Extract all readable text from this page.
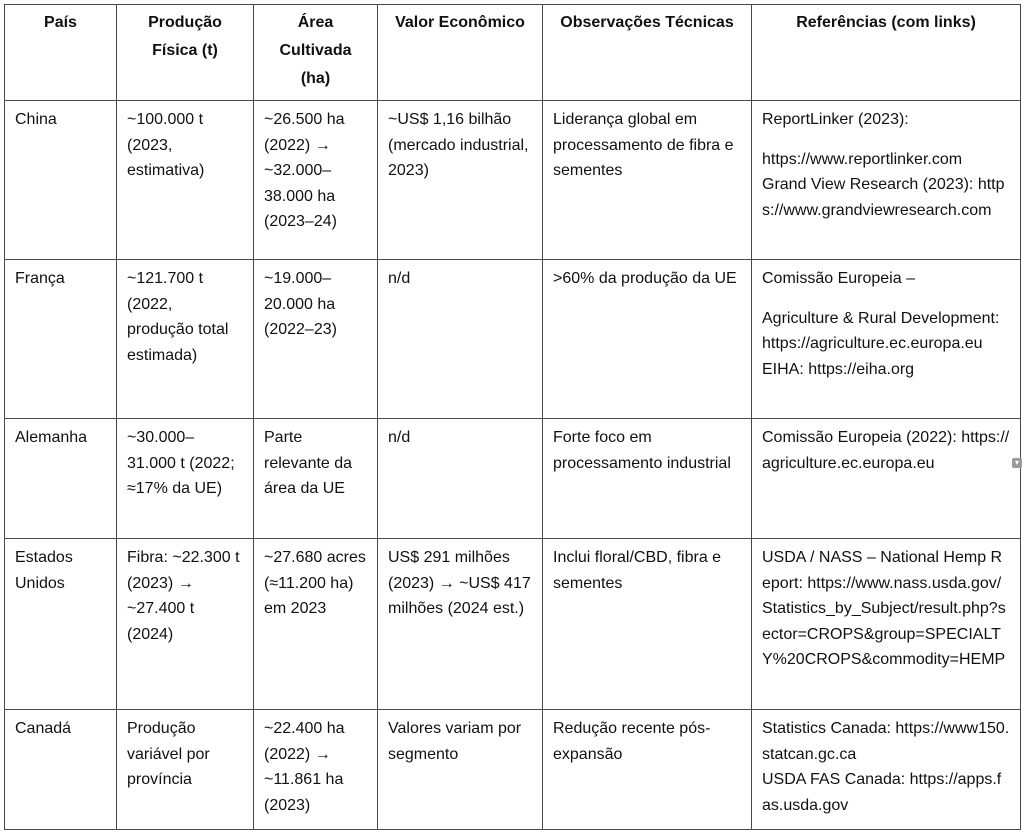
País	Produção Física (t)	Área Cultivada (ha)	Valor Econômico	Observações Técnicas	Referências (com links)
China	~100.000 t (2023, estimativa)	~26.500 ha (2022) → ~32.000–38.000 ha (2023–24)	~US$ 1,16 bilhão (mercado industrial, 2023)	Liderança global em processamento de fibra e sementes	ReportLinker (2023):
https://www.reportlinker.com
Grand View Research (2023): https://www.grandviewresearch.com
França	~121.700 t (2022, produção total estimada)	~19.000–20.000 ha (2022–23)	n/d	>60% da produção da UE	Comissão Europeia –
Agriculture & Rural Development: https://agriculture.ec.europa.eu
EIHA: https://eiha.org
Alemanha	~30.000–31.000 t (2022; ≈17% da UE)	Parte relevante da área da UE	n/d	Forte foco em processamento industrial	Comissão Europeia (2022): https://agriculture.ec.europa.eu
Estados Unidos	Fibra: ~22.300 t (2023) → ~27.400 t (2024)	~27.680 acres (≈11.200 ha) em 2023	US$ 291 milhões (2023) → ~US$ 417 milhões (2024 est.)	Inclui floral/CBD, fibra e sementes	USDA / NASS – National Hemp Report: https://www.nass.usda.gov/Statistics_by_Subject/result.php?sector=CROPS&group=SPECIALTY%20CROPS&commodity=HEMP
Canadá	Produção variável por província	~22.400 ha (2022) → ~11.861 ha (2023)	Valores variam por segmento	Redução recente pós-expansão	Statistics Canada: https://www150.statcan.gc.ca
USDA FAS Canada: https://apps.fas.usda.gov
▾
